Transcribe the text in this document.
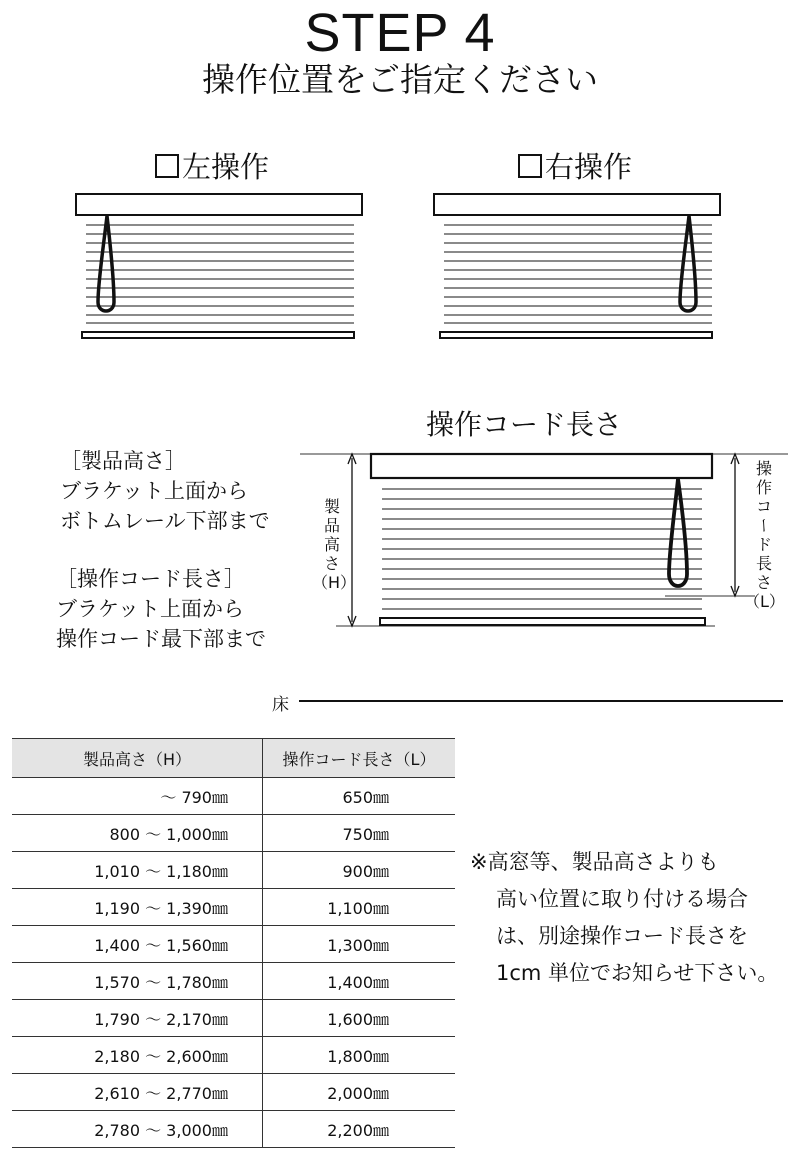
STEP 4
操作位置をご指定ください
左操作	右操作
操作コード長さ
［製品高さ］
ブラケット上面から
ボトムレール下部まで
［操作コード長さ］
ブラケット上面から
操作コード最下部まで
製
品
高
さ
（H）
操
作
コ
ー
ド
長
さ
（L）
床
製品高さ（H）	操作コード長さ（L）
～ 790㎜	650㎜
800 ～ 1,000㎜	750㎜
1,010 ～ 1,180㎜	900㎜
1,190 ～ 1,390㎜	1,100㎜
1,400 ～ 1,560㎜	1,300㎜
1,570 ～ 1,780㎜	1,400㎜
1,790 ～ 2,170㎜	1,600㎜
2,180 ～ 2,600㎜	1,800㎜
2,610 ～ 2,770㎜	2,000㎜
2,780 ～ 3,000㎜	2,200㎜
※高窓等、製品高さよりも
高い位置に取り付ける場合
は、別途操作コード長さを
1cm 単位でお知らせ下さい。
